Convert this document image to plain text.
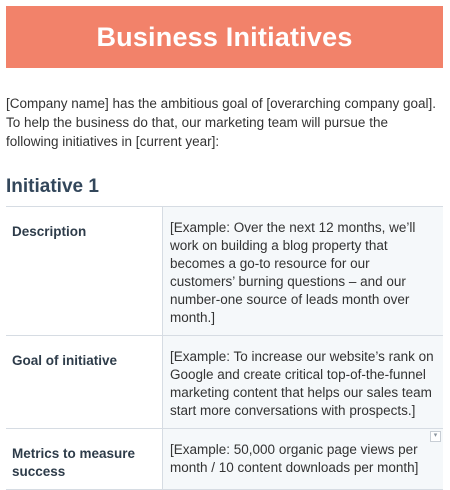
Business Initiatives

[Company name] has the ambitious goal of [overarching company goal]. To help the business do that, our marketing team will pursue the following initiatives in [current year]:

Initiative 1
Description	[Example: Over the next 12 months, we’ll work on building a blog property that becomes a go-to resource for our customers’ burning questions – and our number-one source of leads month over month.]
Goal of initiative	[Example: To increase our website’s rank on Google and create critical top-of-the-funnel marketing content that helps our sales team start more conversations with prospects.]
Metrics to measure success	[Example: 50,000 organic page views per month / 10 content downloads per month]
▾
